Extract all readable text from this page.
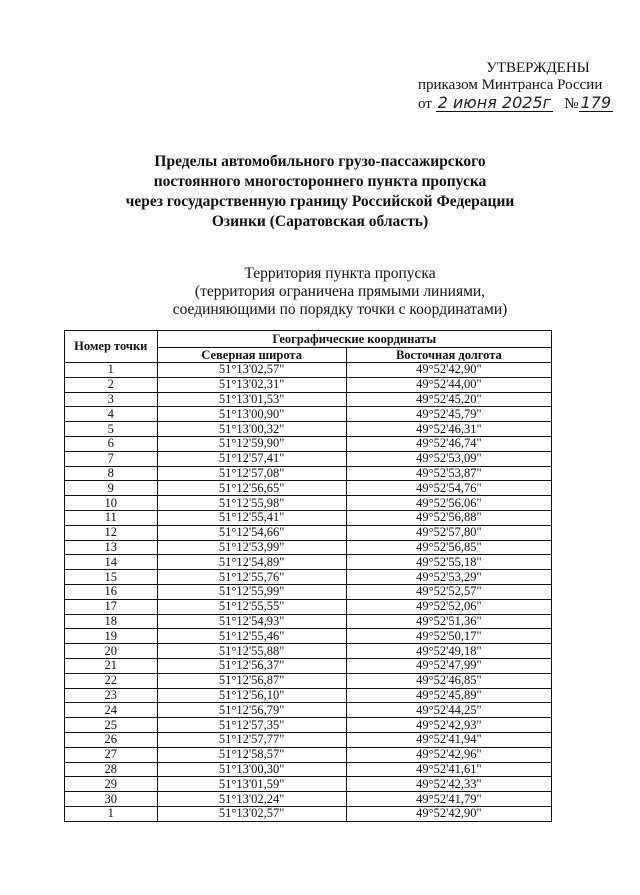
УТВЕРЖДЕНЫ
приказом Минтранса России
от 2 июня 2025г № 179
Пределы автомобильного грузо-пассажирского
постоянного многостороннего пункта пропуска
через государственную границу Российской Федерации
Озинки (Саратовская область)
Территория пункта пропуска
(территория ограничена прямыми линиями,
соединяющими по порядку точки с координатами)
Номер точки	Географические координаты	
	Северная широта	Восточная долгота
1	51°13'02,57"	49°52'42,90"
2	51°13'02,31"	49°52'44,00"
3	51°13'01,53"	49°52'45,20"
4	51°13'00,90"	49°52'45,79"
5	51°13'00,32"	49°52'46,31"
6	51°12'59,90"	49°52'46,74"
7	51°12'57,41"	49°52'53,09"
8	51°12'57,08"	49°52'53,87"
9	51°12'56,65"	49°52'54,76"
10	51°12'55,98"	49°52'56,06"
11	51°12'55,41"	49°52'56,88"
12	51°12'54,66"	49°52'57,80"
13	51°12'53,99"	49°52'56,85"
14	51°12'54,89"	49°52'55,18"
15	51°12'55,76"	49°52'53,29"
16	51°12'55,99"	49°52'52,57"
17	51°12'55,55"	49°52'52,06"
18	51°12'54,93"	49°52'51,36"
19	51°12'55,46"	49°52'50,17"
20	51°12'55,88"	49°52'49,18"
21	51°12'56,37"	49°52'47,99"
22	51°12'56,87"	49°52'46,85"
23	51°12'56,10"	49°52'45,89"
24	51°12'56,79"	49°52'44,25"
25	51°12'57,35"	49°52'42,93"
26	51°12'57,77"	49°52'41,94"
27	51°12'58,57"	49°52'42,96"
28	51°13'00,30"	49°52'41,61"
29	51°13'01,59"	49°52'42,33"
30	51°13'02,24"	49°52'41,79"
1	51°13'02,57"	49°52'42,90"
